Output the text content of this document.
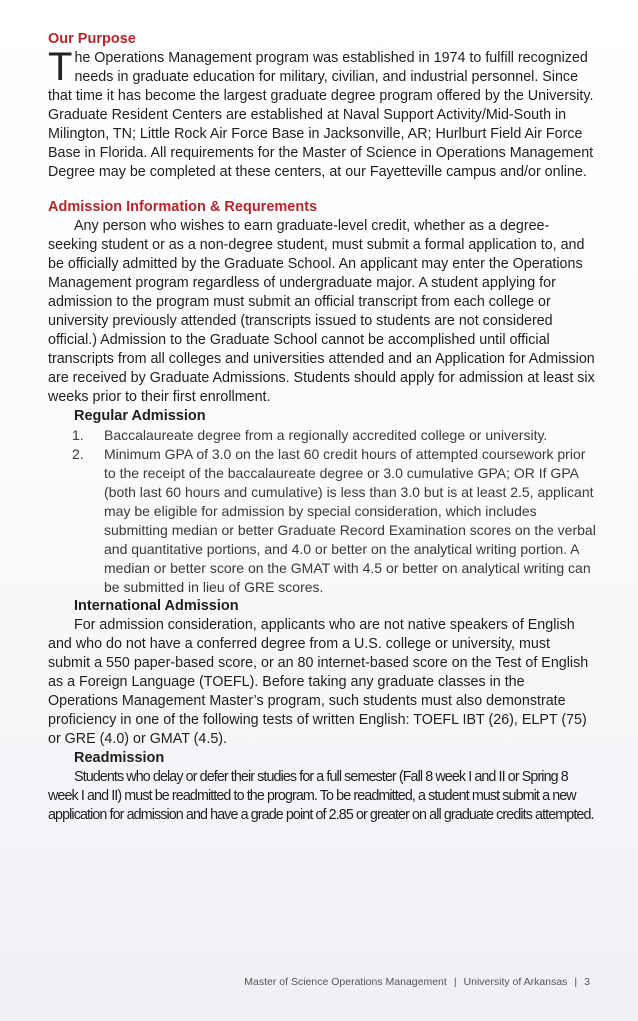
Our Purpose

The Operations Management program was established in 1974 to fulfill recognized needs in graduate education for military, civilian, and industrial personnel. Since that time it has become the largest graduate degree program offered by the University. Graduate Resident Centers are established at Naval Support Activity/Mid-South in Milington, TN; Little Rock Air Force Base in Jacksonville, AR; Hurlburt Field Air Force Base in Florida. All requirements for the Master of Science in Operations Management Degree may be completed at these centers, at our Fayetteville campus and/or online.

Admission Information & Requrements

Any person who wishes to earn graduate-level credit, whether as a degree-seeking student or as a non-degree student, must submit a formal application to, and be officially admitted by the Graduate School. An applicant may enter the Operations Management program regardless of undergraduate major. A student applying for admission to the program must submit an official transcript from each college or university previously attended (transcripts issued to students are not considered official.) Admission to the Graduate School cannot be accomplished until official transcripts from all colleges and universities attended and an Application for Admission are received by Graduate Admissions. Students should apply for admission at least six weeks prior to their first enrollment.

Regular Admission
1.	Baccalaureate degree from a regionally accredited college or university.
2.	Minimum GPA of 3.0 on the last 60 credit hours of attempted coursework prior to the receipt of the baccalaureate degree or 3.0 cumulative GPA; OR If GPA (both last 60 hours and cumulative) is less than 3.0 but is at least 2.5, applicant may be eligible for admission by special consideration, which includes submitting median or better Graduate Record Examination scores on the verbal and quantitative portions, and 4.0 or better on the analytical writing portion. A median or better score on the GMAT with 4.5 or better on analytical writing can be submitted in lieu of GRE scores.
International Admission

For admission consideration, applicants who are not native speakers of English and who do not have a conferred degree from a U.S. college or university, must submit a 550 paper-based score, or an 80 internet-based score on the Test of English as a Foreign Language (TOEFL). Before taking any graduate classes in the Operations Management Master’s program, such students must also demonstrate proficiency in one of the following tests of written English: TOEFL IBT (26), ELPT (75) or GRE (4.0) or GMAT (4.5).

Readmission

Students who delay or defer their studies for a full semester (Fall 8 week I and II or Spring 8 week I and II) must be readmitted to the program. To be readmitted, a student must submit a new application for admission and have a grade point of 2.85 or greater on all graduate credits attempted.

Master of Science Operations Management | University of Arkansas | 3
